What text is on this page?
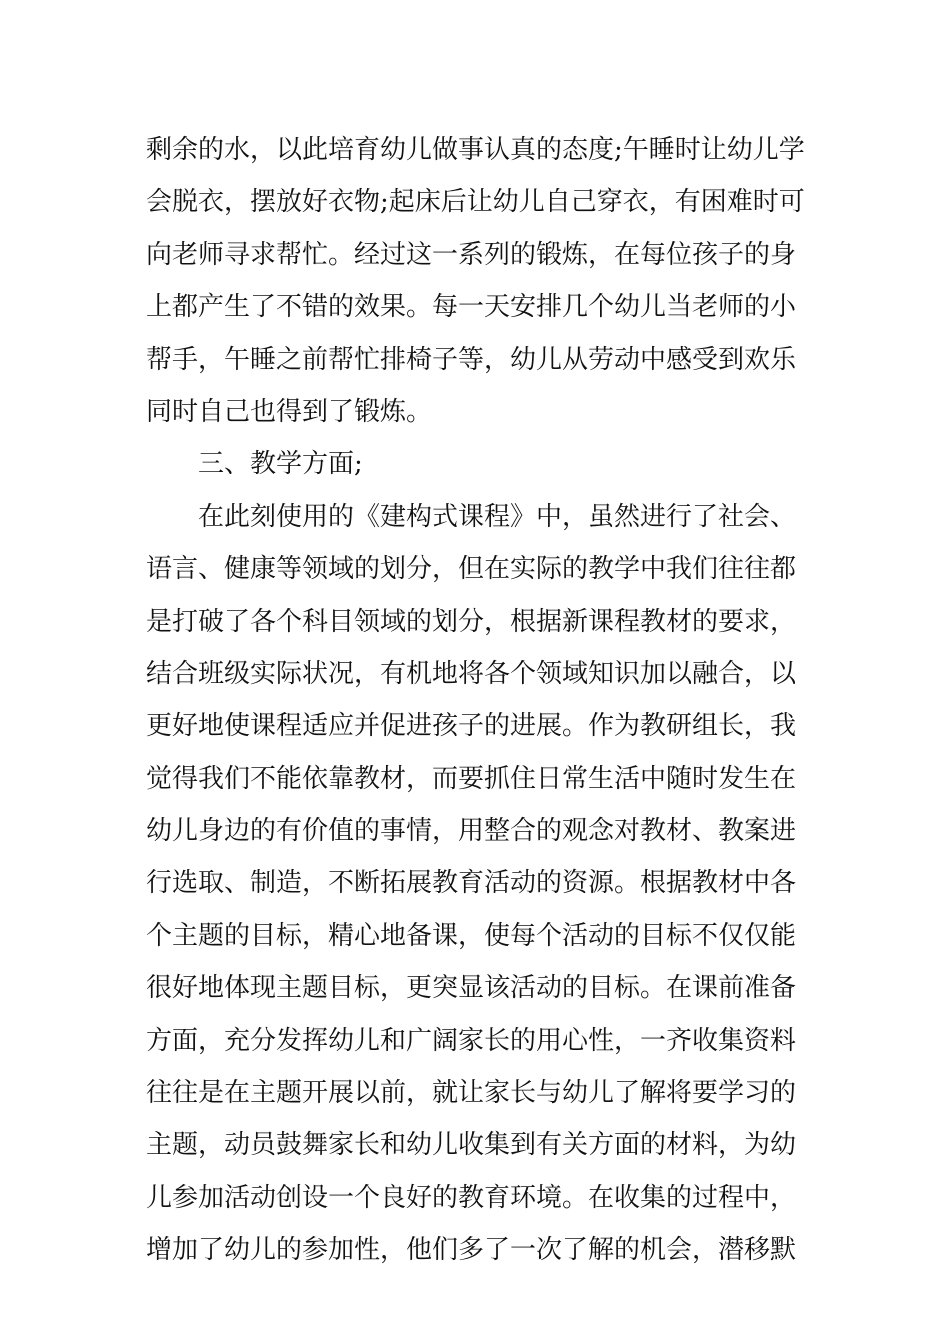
剩余的水，以此培育幼儿做事认真的态度;午睡时让幼儿学
会脱衣，摆放好衣物;起床后让幼儿自己穿衣，有困难时可
向老师寻求帮忙。经过这一系列的锻炼，在每位孩子的身
上都产生了不错的效果。每一天安排几个幼儿当老师的小
帮手，午睡之前帮忙排椅子等，幼儿从劳动中感受到欢乐
同时自己也得到了锻炼。
三、教学方面;
在此刻使用的《建构式课程》中，虽然进行了社会、
语言、健康等领域的划分，但在实际的教学中我们往往都
是打破了各个科目领域的划分，根据新课程教材的要求，
结合班级实际状况，有机地将各个领域知识加以融合，以
更好地使课程适应并促进孩子的进展。作为教研组长，我
觉得我们不能依靠教材，而要抓住日常生活中随时发生在
幼儿身边的有价值的事情，用整合的观念对教材、教案进
行选取、制造，不断拓展教育活动的资源。根据教材中各
个主题的目标，精心地备课，使每个活动的目标不仅仅能
很好地体现主题目标，更突显该活动的目标。在课前准备
方面，充分发挥幼儿和广阔家长的用心性，一齐收集资料
往往是在主题开展以前，就让家长与幼儿了解将要学习的
主题，动员鼓舞家长和幼儿收集到有关方面的材料，为幼
儿参加活动创设一个良好的教育环境。在收集的过程中，
增加了幼儿的参加性，他们多了一次了解的机会，潜移默
